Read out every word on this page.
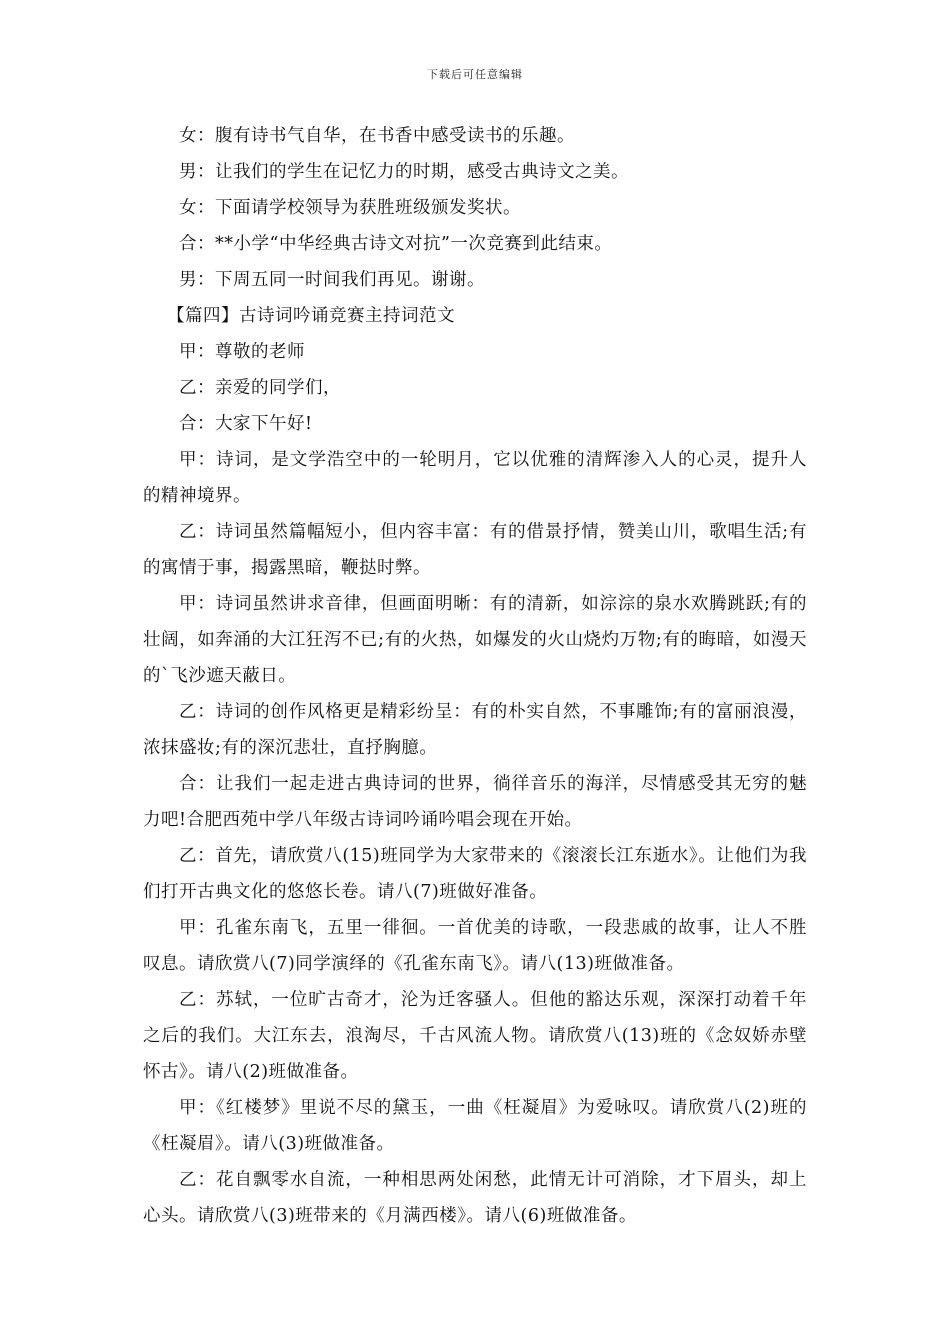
下载后可任意编辑

女：腹有诗书气自华，在书香中感受读书的乐趣。

男：让我们的学生在记忆力的时期，感受古典诗文之美。

女：下面请学校领导为获胜班级颁发奖状。

合：**小学“中华经典古诗文对抗”一次竞赛到此结束。

男：下周五同一时间我们再见。谢谢。

【篇四】古诗词吟诵竞赛主持词范文

甲：尊敬的老师

乙：亲爱的同学们，

合：大家下午好!

甲：诗词，是文学浩空中的一轮明月，它以优雅的清辉渗入人的心灵，提升人的精神境界。

乙：诗词虽然篇幅短小，但内容丰富：有的借景抒情，赞美山川，歌唱生活;有的寓情于事，揭露黑暗，鞭挞时弊。

甲：诗词虽然讲求音律，但画面明晰：有的清新，如淙淙的泉水欢腾跳跃;有的壮阔，如奔涌的大江狂泻不已;有的火热，如爆发的火山烧灼万物;有的晦暗，如漫天的`飞沙遮天蔽日。

乙：诗词的创作风格更是精彩纷呈：有的朴实自然，不事雕饰;有的富丽浪漫，浓抹盛妆;有的深沉悲壮，直抒胸臆。

合：让我们一起走进古典诗词的世界，徜徉音乐的海洋，尽情感受其无穷的魅力吧!合肥西苑中学八年级古诗词吟诵吟唱会现在开始。

乙：首先，请欣赏八(15)班同学为大家带来的《滚滚长江东逝水》。让他们为我们打开古典文化的悠悠长卷。请八(7)班做好准备。

甲：孔雀东南飞，五里一徘徊。一首优美的诗歌，一段悲戚的故事，让人不胜叹息。请欣赏八(7)同学演绎的《孔雀东南飞》。请八(13)班做准备。

乙：苏轼，一位旷古奇才，沦为迁客骚人。但他的豁达乐观，深深打动着千年之后的我们。大江东去，浪淘尽，千古风流人物。请欣赏八(13)班的《念奴娇赤壁怀古》。请八(2)班做准备。

甲：《红楼梦》里说不尽的黛玉，一曲《枉凝眉》为爱咏叹。请欣赏八(2)班的《枉凝眉》。请八(3)班做准备。

乙：花自飘零水自流，一种相思两处闲愁，此情无计可消除，才下眉头，却上心头。请欣赏八(3)班带来的《月满西楼》。请八(6)班做准备。
